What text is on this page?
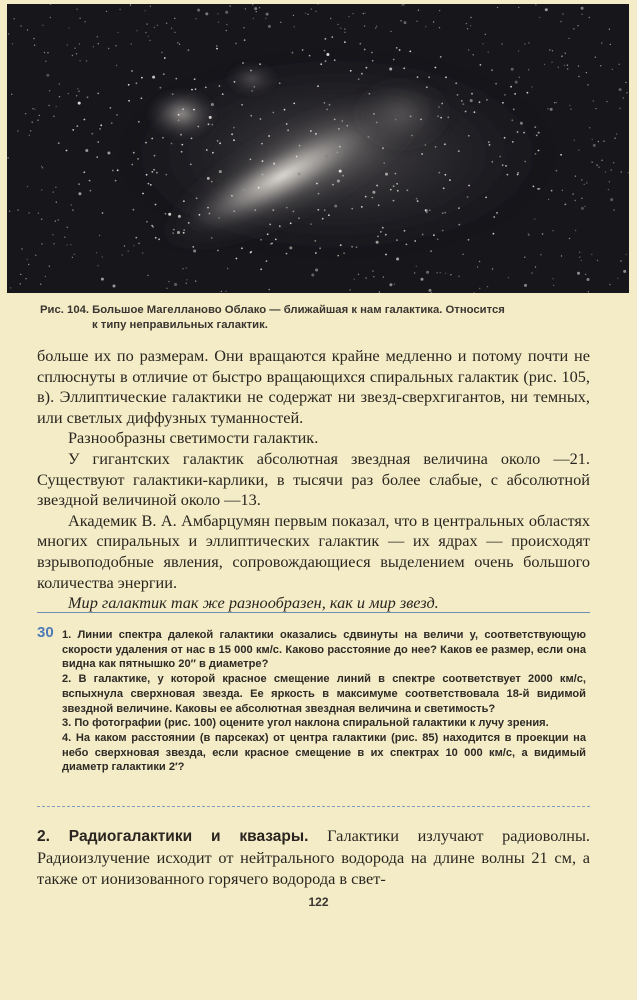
Рис. 104. Большое Магелланово Облако — ближайшая к нам галактика. Относится
к типу неправильных галактик.

больше их по размерам. Они вращаются крайне медленно и потому почти не сплюснуты в отличие от быстро вращающихся спиральных галактик (рис. 105, в). Эллиптические галактики не содержат ни звезд-сверхгигантов, ни темных, или светлых диффузных туманностей.

Разнообразны светимости галактик.

У гигантских галактик абсолютная звездная величина около —21. Существуют галактики-карлики, в тысячи раз более слабые, с абсолютной звездной величиной около —13.

Академик В. А. Амбарцумян первым показал, что в центральных областях многих спиральных и эллиптических галактик — их ядрах — происходят взрывоподобные явления, сопровождающиеся выделением очень большого количества энергии.

Мир галактик так же разнообразен, как и мир звезд.

30 1. Линии спектра далекой галактики оказались сдвинуты на величи у, соответствующую скорости удаления от нас в 15 000 км/с. Каково расстояние до нее? Каков ее размер, если она видна как пятнышко 20″ в диаметре?

2. В галактике, у которой красное смещение линий в спектре соответствует 2000 км/с, вспыхнула сверхновая звезда. Ее яркость в максимуме соответствовала 18-й видимой звездной величине. Каковы ее абсолютная звездная величина и светимость?

3. По фотографии (рис. 100) оцените угол наклона спиральной галактики к лучу зрения.

4. На каком расстоянии (в парсеках) от центра галактики (рис. 85) находится в проекции на небо сверхновая звезда, если красное смещение в их спектрах 10 000 км/с, а видимый диаметр галактики 2′?

2. Радиогалактики и квазары. Галактики излучают радиоволны. Радиоизлучение исходит от нейтрального водорода на длине волны 21 см, а также от ионизованного горячего водорода в свет-
122
